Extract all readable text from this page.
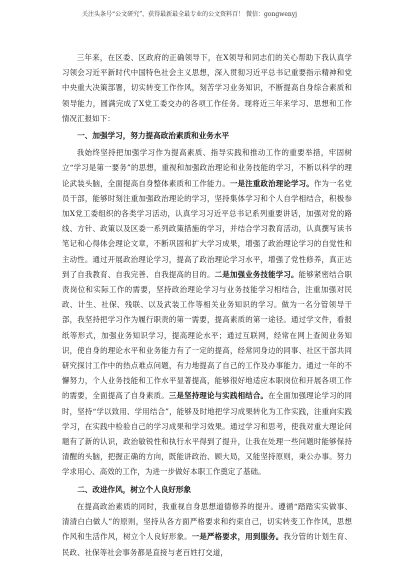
关注头条号“公文研究”，获得最新最全最专业的公文资料百！ 微信：gongwenyj

三年来，在区委、区政府的正确领导下，在X领导和同志们的关心帮助下我认真学习领会习近平新时代中国特色社会主义思想，深入贯彻习近平总书记重要指示精神和党中央重大决策部署，切实转变工作作风，刻苦学习业务知识，不断提高自身综合素质和领导能力，圆满完成了X党工委交办的各项工作任务。现将近三年来学习、思想和工作情况汇报如下：

一、加强学习，努力提高政治素质和业务水平

我始终坚持把加强学习作为提高素质、指导实践和推动工作的重要举措，牢固树立“学习是第一要务”的思想，重视和加强政治理论和业务技能的学习，不断以科学的理论武装头脑，全面提高自身整体素质和工作能力。一是注重政治理论学习。作为一名党员干部，能够时刻注重加强政治理论的学习，坚持集体学习和个人自学相结合，积极参加X党工委组织的各类学习活动，认真学习习近平总书记系列重要讲话，加强对党的路线、方针、政策以及区委一系列政策措施的学习，并结合学习教育活动，认真撰写读书笔记和心得体会理论文章，不断巩固和扩大学习成果，增强了政治理论学习的自觉性和主动性。通过开展政治理论学习，提高了政治理论学习水平，增强了党性修养，真正达到了自我教育、自我完善、自我提高的目的。二是加强业务技能学习。能够紧密结合职责岗位和实际工作的需要，坚持政治理论学习与业务技能学习相结合，注重加强对民政、计生、社保、残联、以及武装工作等相关业务知识的学习。做为一名分管领导干部，我坚持把学习作为履行职责的第一需要，提高素质的第一途径。通过学文件，看报纸等形式，加强业务知识学习，提高理论水平；通过互联网，经常在网上查阅业务知识，使自身的理论水平和业务能力有了一定的提高，经常同身边的同事、社区干部共同研究探讨工作中的热点难点问题，有力地提高了自己的工作及办事能力。通过一年的不懈努力，个人业务技能和工作水平显著提高，能够很好地适应本职岗位和开展各项工作的需要，全面提高了自身素质。三是坚持理论与实践相结合。在全面加强理论学习的同时，坚持“学以致用、学用结合”，能够及时地把学习成果转化为工作实践，注重向实践学习，在实践中检验自己的学习成果和学习效果。通过学习和思考，使我对重大理论问题有了新的认识，政治敏锐性和执行水平得到了提升，让我在处理一些问题时能够保持清醒的头脑，把握正确的方向，既能讲政治、顾大局，又能坚持原则，秉公办事。努力学求用心、高效的工作，为进一步做好本职工作奠定了基础。

二、改进作风，树立个人良好形象

在提高政治素质的同时，我重视自身思想道德修养的提升。遵循“踏踏实实做事、清清白白做人”的原则，坚持从各方面严格要求和约束自己，切实转变工作作风，思想作风和生活作风，树立个人良好形象。一是严格要求，用到服务。我分管的计划生育、民政、社保等社会事务都是直接与老百姓打交道，
